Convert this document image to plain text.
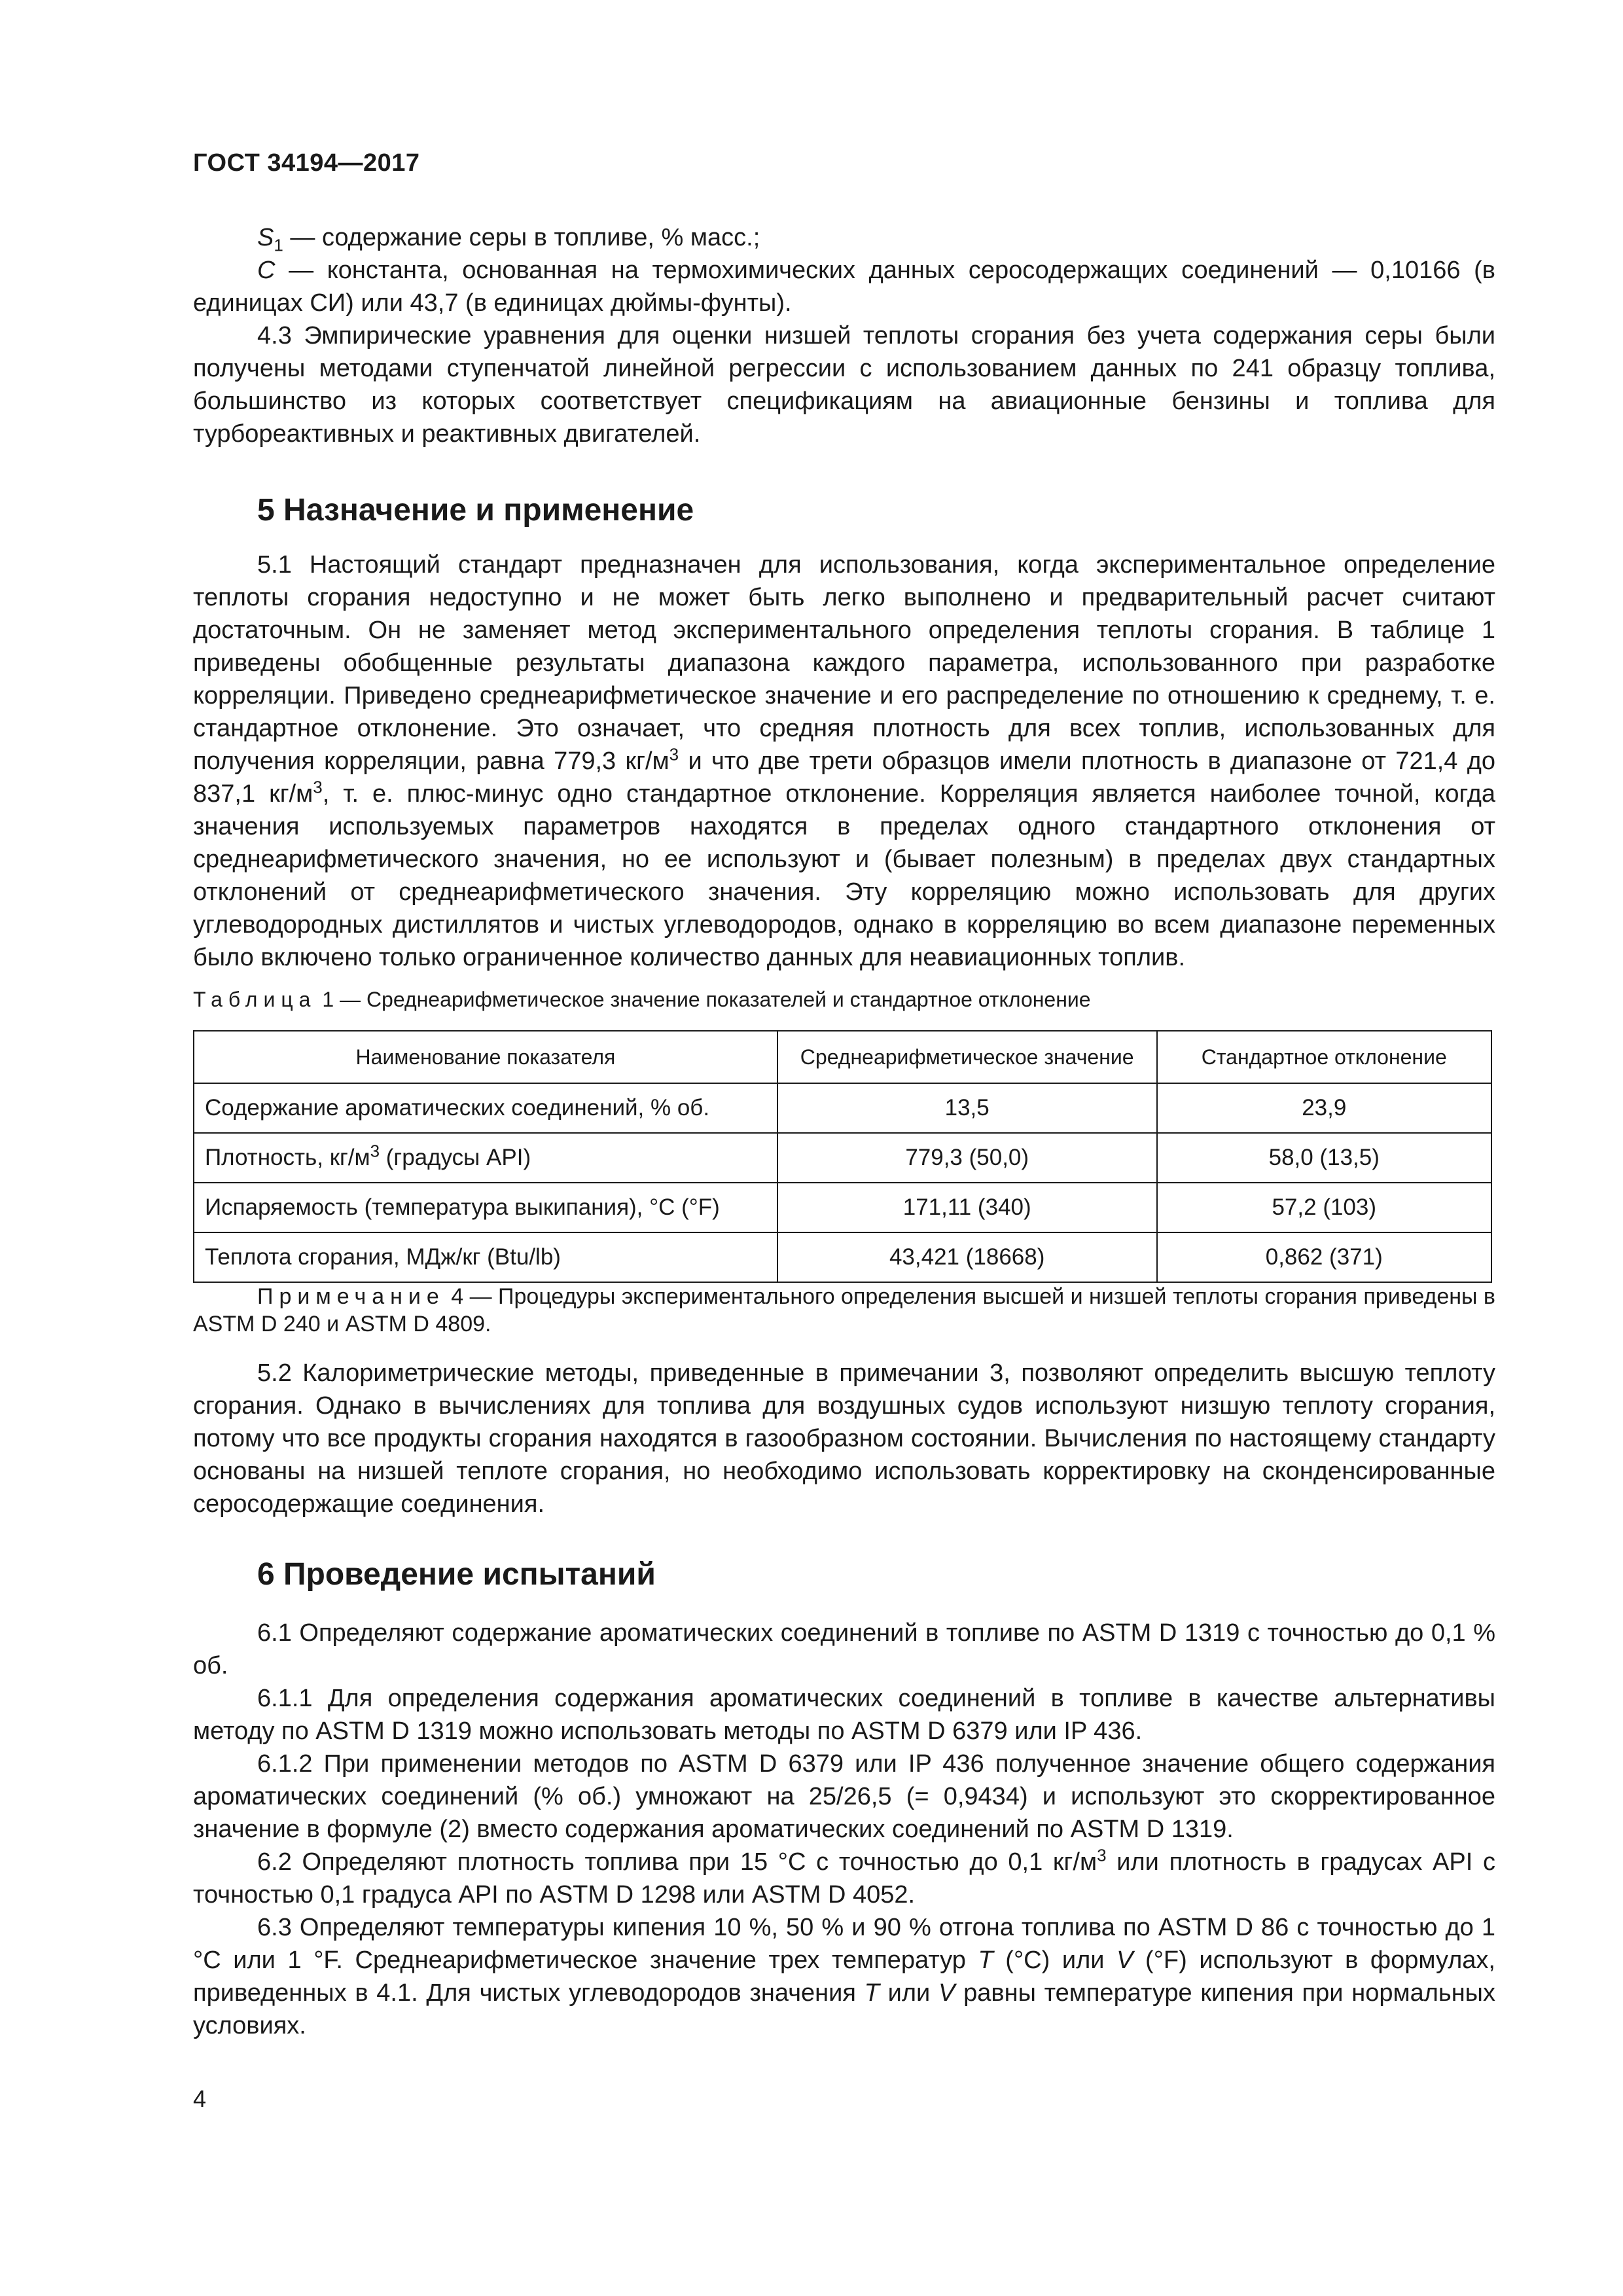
ГОСТ 34194—2017

$S_1$ — содержание серы в топливе, % масс.;

C — константа, основанная на термохимических данных серосодержащих соединений — 0,10166 (в единицах СИ) или 43,7 (в единицах дюймы-фунты).

4.3 Эмпирические уравнения для оценки низшей теплоты сгорания без учета содержания серы были получены методами ступенчатой линейной регрессии с использованием данных по 241 образцу топлива, большинство из которых соответствует спецификациям на авиационные бензины и топлива для турбореактивных и реактивных двигателей.

5 Назначение и применение

5.1 Настоящий стандарт предназначен для использования, когда экспериментальное определение теплоты сгорания недоступно и не может быть легко выполнено и предварительный расчет считают достаточным. Он не заменяет метод экспериментального определения теплоты сгорания. В таблице 1 приведены обобщенные результаты диапазона каждого параметра, использованного при разработке корреляции. Приведено среднеарифметическое значение и его распределение по отношению к среднему, т. е. стандартное отклонение. Это означает, что средняя плотность для всех топлив, использованных для получения корреляции, равна 779,3 $кг/м^3$ и что две трети образцов имели плотность в диапазоне от 721,4 до 837,1 $кг/м^3$, т. е. плюс-минус одно стандартное отклонение. Корреляция является наиболее точной, когда значения используемых параметров находятся в пределах одного стандартного отклонения от среднеарифметического значения, но ее используют и (бывает полезным) в пределах двух стандартных отклонений от среднеарифметического значения. Эту корреляцию можно использовать для других углеводородных дистиллятов и чистых углеводородов, однако в корреляцию во всем диапазоне переменных было включено только ограниченное количество данных для неавиационных топлив.

Таблица 1 — Среднеарифметическое значение показателей и стандартное отклонение
Наименование показателя	Среднеарифметическое значение	Стандартное отклонение
Содержание ароматических соединений, % об.	13,5	23,9
Плотность, $кг/м^3$ (градусы API)	779,3 (50,0)	58,0 (13,5)
Испаряемость (температура выкипания), °С (°F)	171,11 (340)	57,2 (103)
Теплота сгорания, МДж/кг (Btu/lb)	43,421 (18668)	0,862 (371)
Примечание 4 — Процедуры экспериментального определения высшей и низшей теплоты сгорания приведены в ASTM D 240 и ASTM D 4809.

5.2 Калориметрические методы, приведенные в примечании 3, позволяют определить высшую теплоту сгорания. Однако в вычислениях для топлива для воздушных судов используют низшую теплоту сгорания, потому что все продукты сгорания находятся в газообразном состоянии. Вычисления по настоящему стандарту основаны на низшей теплоте сгорания, но необходимо использовать корректировку на сконденсированные серосодержащие соединения.

6 Проведение испытаний

6.1 Определяют содержание ароматических соединений в топливе по ASTM D 1319 с точностью до 0,1 % об.

6.1.1 Для определения содержания ароматических соединений в топливе в качестве альтернативы методу по ASTM D 1319 можно использовать методы по ASTM D 6379 или IP 436.

6.1.2 При применении методов по ASTM D 6379 или IP 436 полученное значение общего содержания ароматических соединений (% об.) умножают на 25/26,5 (= 0,9434) и используют это скорректированное значение в формуле (2) вместо содержания ароматических соединений по ASTM D 1319.

6.2 Определяют плотность топлива при 15 °С с точностью до 0,1 $кг/м^3$ или плотность в градусах API с точностью 0,1 градуса API по ASTM D 1298 или ASTM D 4052.

6.3 Определяют температуры кипения 10 %, 50 % и 90 % отгона топлива по ASTM D 86 с точностью до 1 °С или 1 °F. Среднеарифметическое значение трех температур T (°С) или V (°F) используют в формулах, приведенных в 4.1. Для чистых углеводородов значения T или V равны температуре кипения при нормальных условиях.

4
